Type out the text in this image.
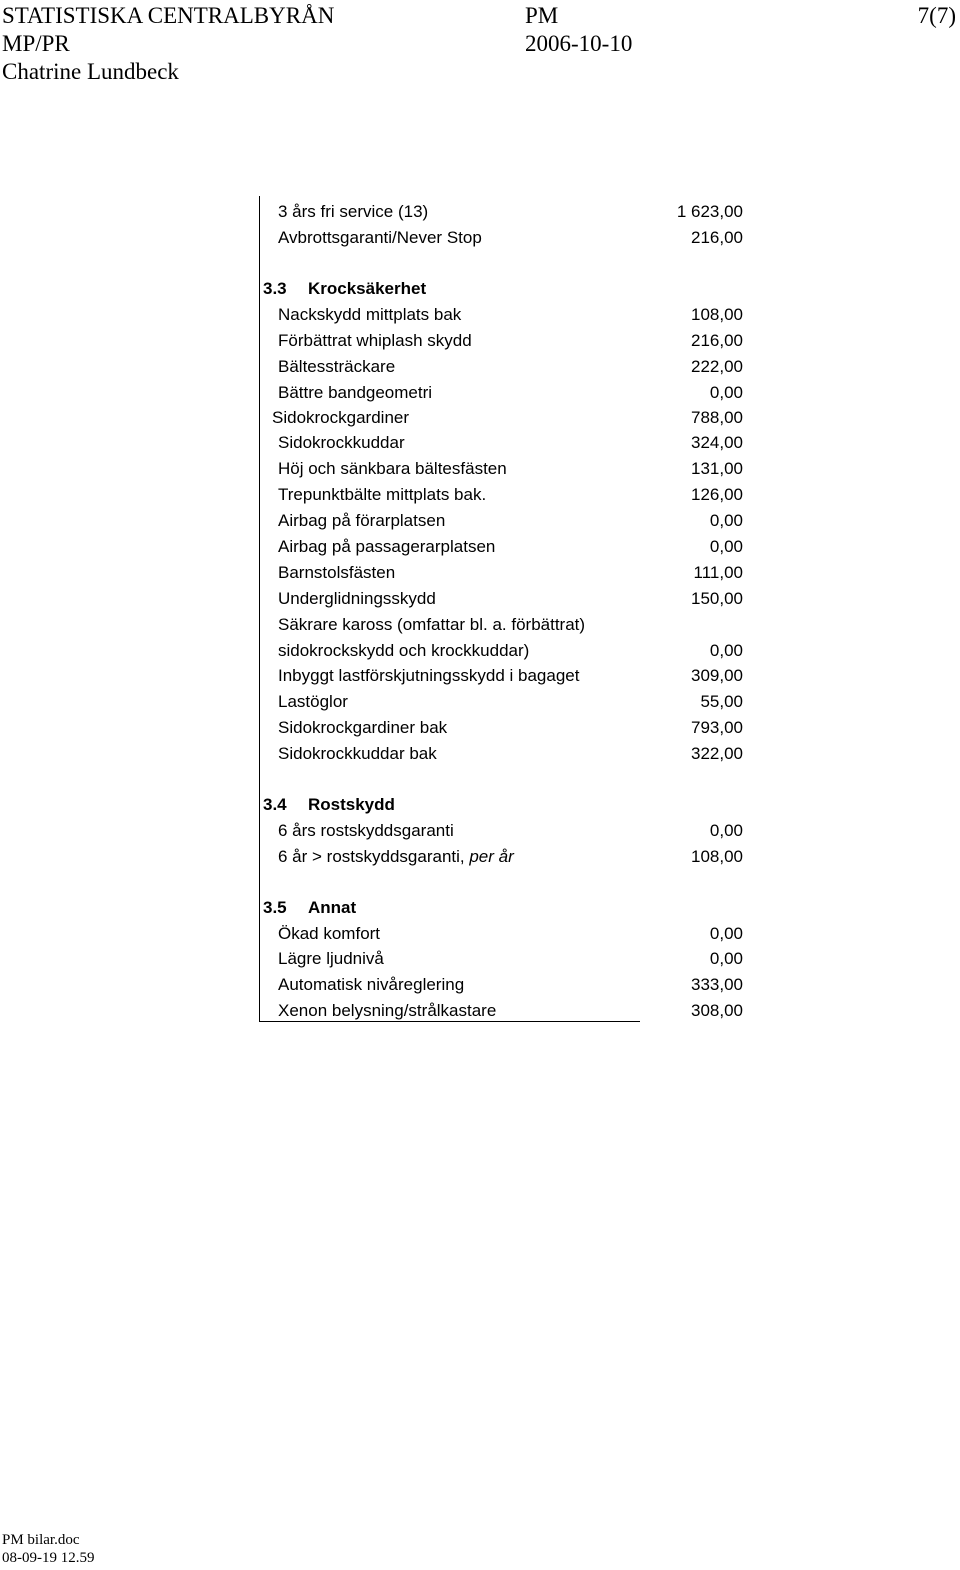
STATISTISKA CENTRALBYRÅN	PM	7(7)
MP/PR	2006-10-10
Chatrine Lundbeck
3 års fri service (13)	1 623,00
Avbrottsgaranti/Never Stop	216,00
3.3 Krocksäkerhet
Nackskydd mittplats bak	108,00
Förbättrat whiplash skydd	216,00
Bältessträckare	222,00
Bättre bandgeometri	0,00
Sidokrockgardiner	788,00
Sidokrockkuddar	324,00
Höj och sänkbara bältesfästen	131,00
Trepunktbälte mittplats bak.	126,00
Airbag på förarplatsen	0,00
Airbag på passagerarplatsen	0,00
Barnstolsfästen	111,00
Underglidningsskydd	150,00
Säkrare kaross (omfattar bl. a. förbättrat)
sidokrockskydd och krockkuddar)	0,00
Inbyggt lastförskjutningsskydd i bagaget	309,00
Lastöglor	55,00
Sidokrockgardiner bak	793,00
Sidokrockkuddar bak	322,00
3.4 Rostskydd
6 års rostskyddsgaranti	0,00
6 år > rostskyddsgaranti, per år	108,00
3.5 Annat
Ökad komfort	0,00
Lägre ljudnivå	0,00
Automatisk nivåreglering	333,00
Xenon belysning/strålkastare	308,00
PM bilar.doc
08-09-19 12.59
